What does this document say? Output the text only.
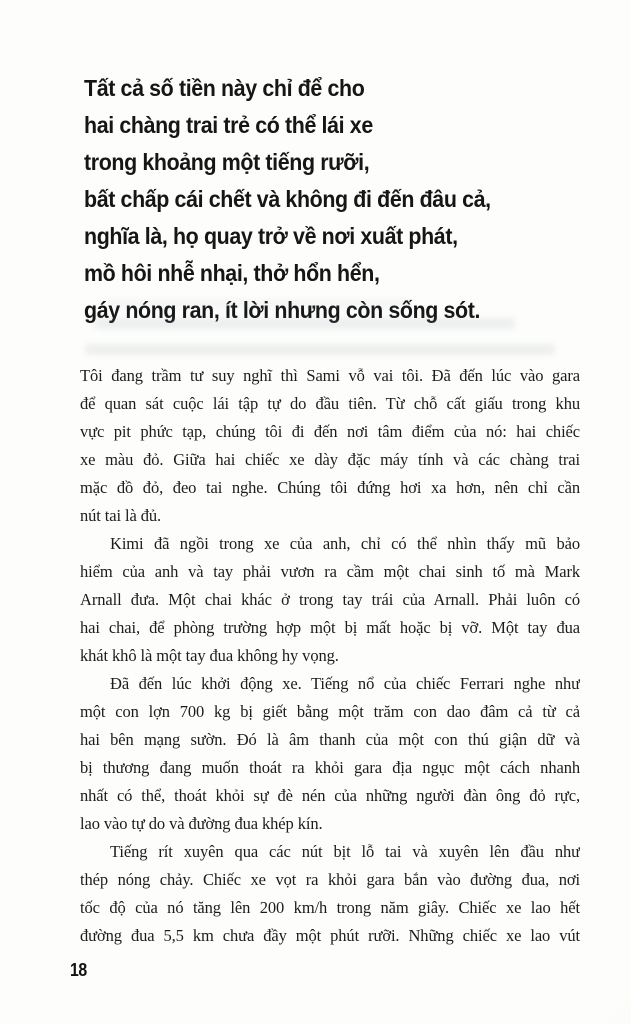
Tất cả số tiền này chỉ để cho
hai chàng trai trẻ có thể lái xe
trong khoảng một tiếng rưỡi,
bất chấp cái chết và không đi đến đâu cả,
nghĩa là, họ quay trở về nơi xuất phát,
mồ hôi nhễ nhại, thở hổn hển,
gáy nóng ran, ít lời nhưng còn sống sót.
Tôi đang trầm tư suy nghĩ thì Sami vỗ vai tôi. Đã đến lúc vào gara
để quan sát cuộc lái tập tự do đầu tiên. Từ chỗ cất giấu trong khu
vực pit phức tạp, chúng tôi đi đến nơi tâm điểm của nó: hai chiếc
xe màu đỏ. Giữa hai chiếc xe dày đặc máy tính và các chàng trai
mặc đồ đỏ, đeo tai nghe. Chúng tôi đứng hơi xa hơn, nên chỉ cần
nút tai là đủ.
Kimi đã ngồi trong xe của anh, chỉ có thể nhìn thấy mũ bảo
hiểm của anh và tay phải vươn ra cầm một chai sinh tố mà Mark
Arnall đưa. Một chai khác ở trong tay trái của Arnall. Phải luôn có
hai chai, để phòng trường hợp một bị mất hoặc bị vỡ. Một tay đua
khát khô là một tay đua không hy vọng.
Đã đến lúc khởi động xe. Tiếng nổ của chiếc Ferrari nghe như
một con lợn 700 kg bị giết bằng một trăm con dao đâm cả từ cả
hai bên mạng sườn. Đó là âm thanh của một con thú giận dữ và
bị thương đang muốn thoát ra khỏi gara địa ngục một cách nhanh
nhất có thể, thoát khỏi sự đè nén của những người đàn ông đỏ rực,
lao vào tự do và đường đua khép kín.
Tiếng rít xuyên qua các nút bịt lỗ tai và xuyên lên đầu như
thép nóng chảy. Chiếc xe vọt ra khỏi gara bắn vào đường đua, nơi
tốc độ của nó tăng lên 200 km/h trong năm giây. Chiếc xe lao hết
đường đua 5,5 km chưa đầy một phút rưỡi. Những chiếc xe lao vút
18
